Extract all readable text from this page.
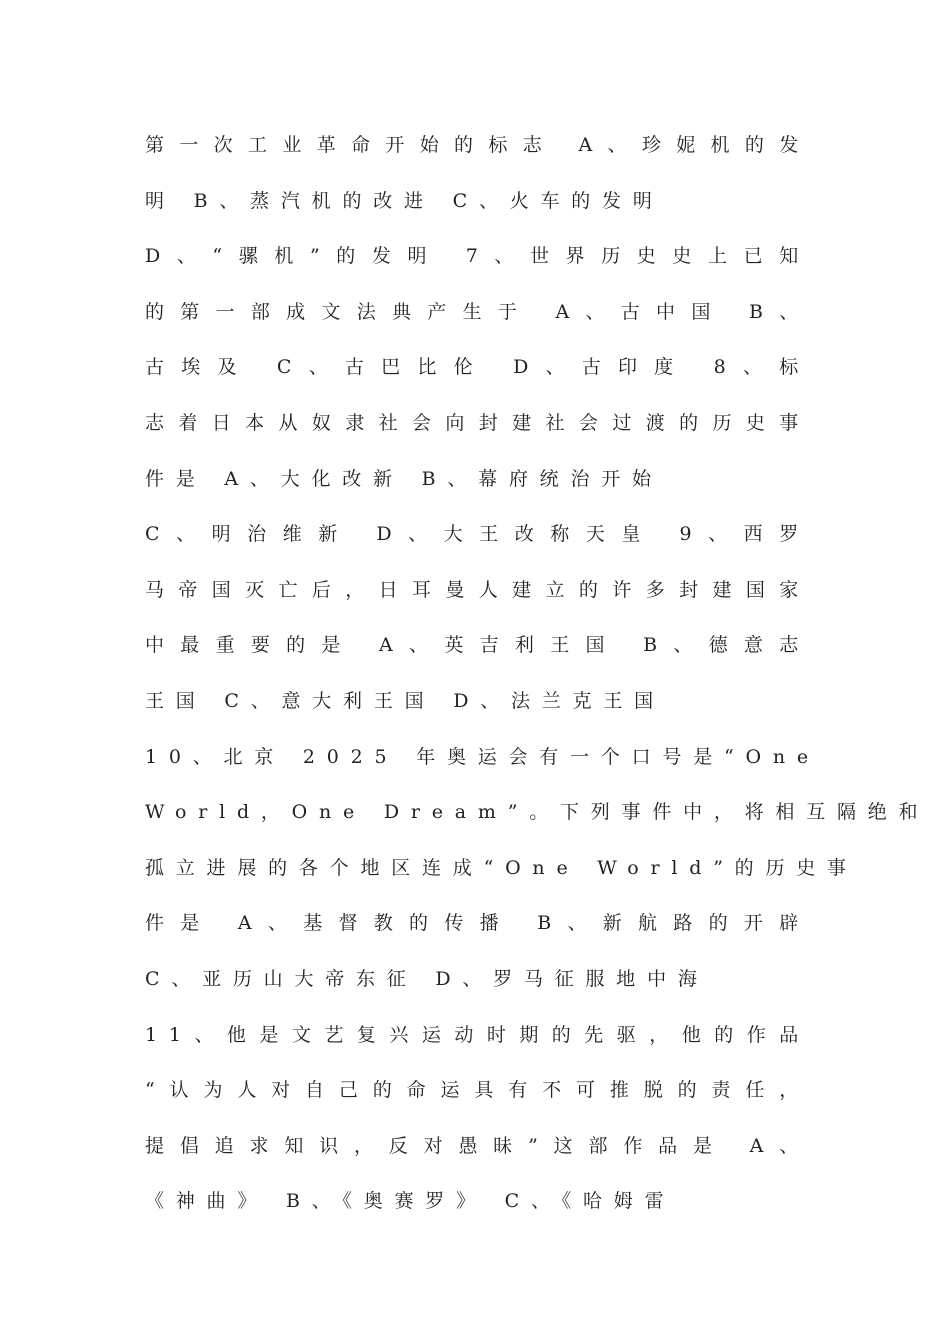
第一次工业革命开始的标志 A、珍妮机的发
明 B、蒸汽机的改进 C、火车的发明
D、“骡机”的发明 7、世界历史史上已知
的第一部成文法典产生于 A、古中国 B、
古埃及 C、古巴比伦 D、古印度 8、标
志着日本从奴隶社会向封建社会过渡的历史事
件是 A、大化改新 B、幕府统治开始
C、明治维新 D、大王改称天皇 9、西罗
马帝国灭亡后，日耳曼人建立的许多封建国家
中最重要的是 A、英吉利王国 B、德意志
王国 C、意大利王国 D、法兰克王国
10、北京 2025 年奥运会有一个口号是“One
World，One Dream”。下列事件中，将相互隔绝和
孤立进展的各个地区连成“One World”的历史事
件是 A、基督教的传播 B、新航路的开辟
C、亚历山大帝东征 D、罗马征服地中海
11、他是文艺复兴运动时期的先驱，他的作品
“认为人对自己的命运具有不可推脱的责任，
提倡追求知识，反对愚昧”这部作品是 A、
《神曲》 B、《奥赛罗》 C、《哈姆雷
